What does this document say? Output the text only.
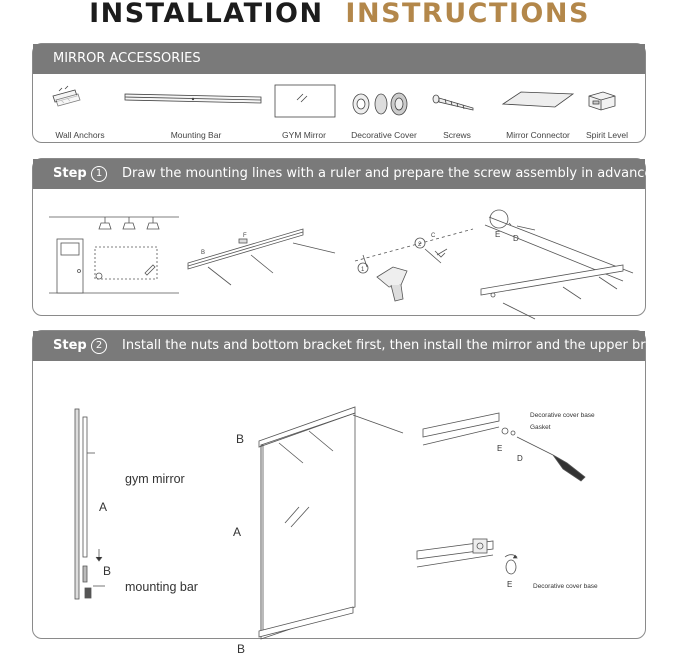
INSTALLATION INSTRUCTIONS
MIRROR ACCESSORIES
Wall Anchors	Mounting Bar	GYM Mirror	Decorative Cover	Screws	Mirror Connector Spirit Level
Step 1	Draw the mounting lines with a ruler and prepare the screw assembly in advance
B
F	C
1
2
E D
Step 2	Install the nuts and bottom bracket first, then install the mirror and the upper bracket.
gym mirror
A
B
mounting bar
B
A
B
Decorative cover base
Gasket
E
D
E	Decorative cover base
